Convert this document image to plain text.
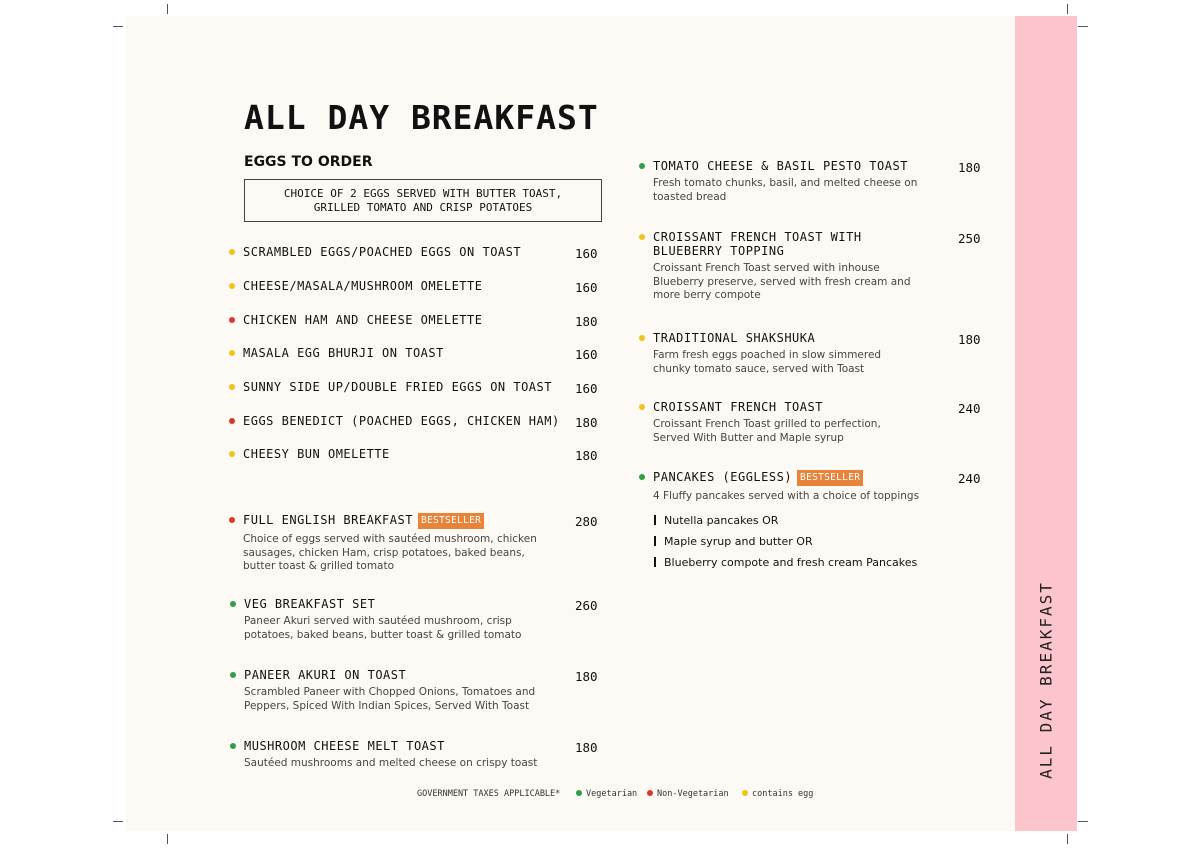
ALL DAY BREAKFAST
ALL DAY BREAKFAST
EGGS TO ORDER
CHOICE OF 2 EGGS SERVED WITH BUTTER TOAST,
GRILLED TOMATO AND CRISP POTATOES
SCRAMBLED EGGS/POACHED EGGS ON TOAST	160
CHEESE/MASALA/MUSHROOM OMELETTE	160
CHICKEN HAM AND CHEESE OMELETTE	180
MASALA EGG BHURJI ON TOAST	160
SUNNY SIDE UP/DOUBLE FRIED EGGS ON TOAST 160
EGGS BENEDICT (POACHED EGGS, CHICKEN HAM) 180
CHEESY BUN OMELETTE	180
FULL ENGLISH BREAKFAST BESTSELLER
Choice of eggs served with sautéed mushroom, chicken
sausages, chicken Ham, crisp potatoes, baked beans,
butter toast & grilled tomato
280
VEG BREAKFAST SET
Paneer Akuri served with sautéed mushroom, crisp
potatoes, baked beans, butter toast & grilled tomato
260
PANEER AKURI ON TOAST
Scrambled Paneer with Chopped Onions, Tomatoes and
Peppers, Spiced With Indian Spices, Served With Toast
180
MUSHROOM CHEESE MELT TOAST
Sautéed mushrooms and melted cheese on crispy toast
180
TOMATO CHEESE & BASIL PESTO TOAST
Fresh tomato chunks, basil, and melted cheese on
toasted bread
180
CROISSANT FRENCH TOAST WITH
BLUEBERRY TOPPING
Croissant French Toast served with inhouse
Blueberry preserve, served with fresh cream and
more berry compote
250
TRADITIONAL SHAKSHUKA
Farm fresh eggs poached in slow simmered
chunky tomato sauce, served with Toast
180
CROISSANT FRENCH TOAST
Croissant French Toast grilled to perfection,
Served With Butter and Maple syrup
240
PANCAKES (EGGLESS) BESTSELLER
4 Fluffy pancakes served with a choice of toppings
240
Nutella pancakes OR
Maple syrup and butter OR
Blueberry compote and fresh cream Pancakes
GOVERNMENT TAXES APPLICABLE*	Vegetarian	Non-Vegetarian	contains egg
